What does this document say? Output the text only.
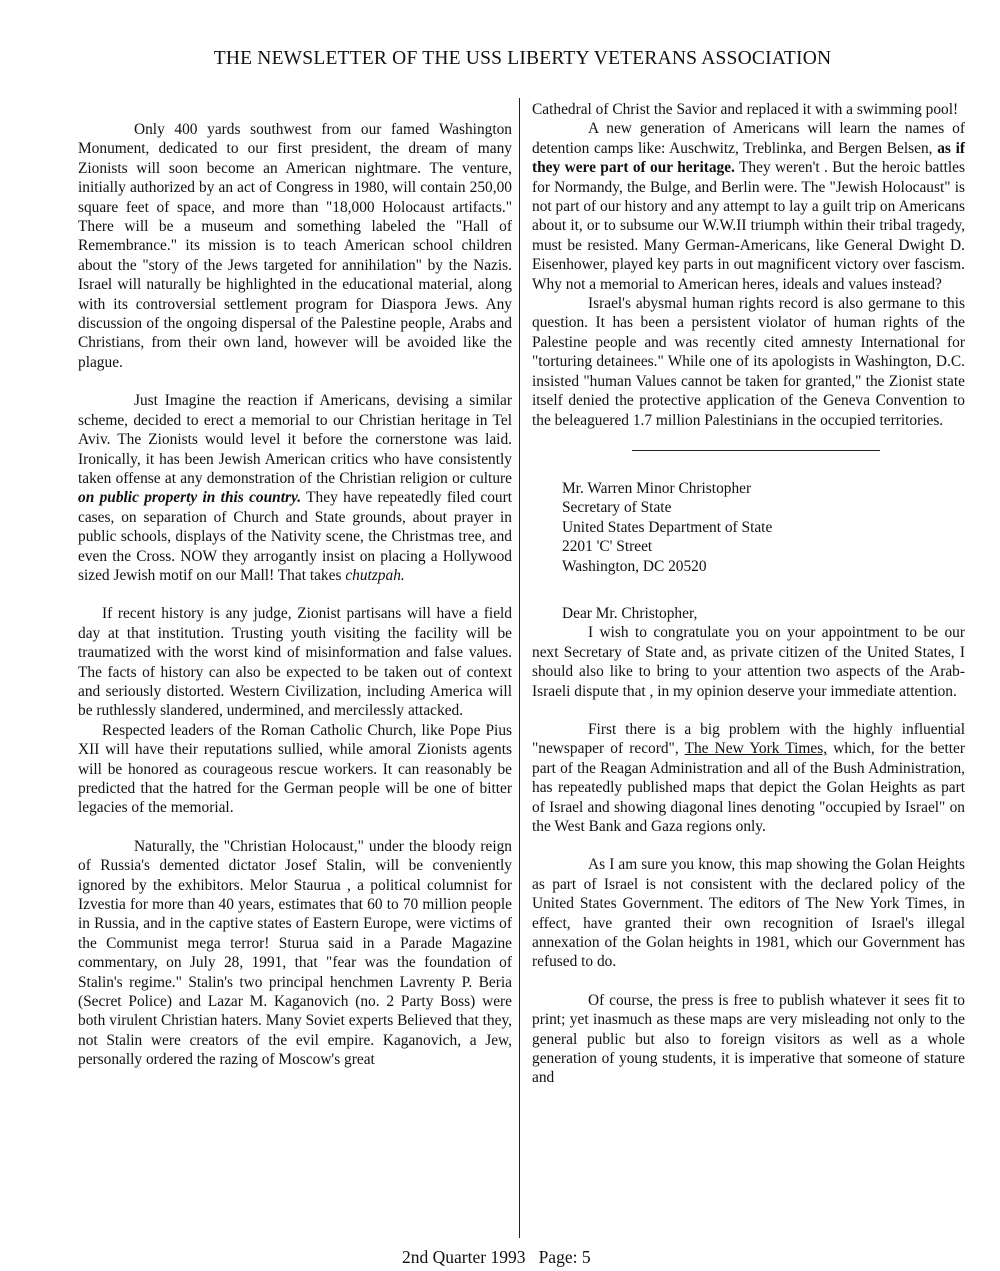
THE NEWSLETTER OF THE USS LIBERTY VETERANS ASSOCIATION

Only 400 yards southwest from our famed Washington Monument, dedicated to our first president, the dream of many Zionists will soon become an American nightmare. The venture, initially authorized by an act of Congress in 1980, will contain 250,00 square feet of space, and more than "18,000 Holocaust artifacts." There will be a museum and something labeled the "Hall of Remembrance." its mission is to teach American school children about the "story of the Jews targeted for annihilation" by the Nazis. Israel will naturally be highlighted in the educational material, along with its controversial settlement program for Diaspora Jews. Any discussion of the ongoing dispersal of the Palestine people, Arabs and Christians, from their own land, however will be avoided like the plague.

Just Imagine the reaction if Americans, devising a similar scheme, decided to erect a memorial to our Christian heritage in Tel Aviv. The Zionists would level it before the cornerstone was laid. Ironically, it has been Jewish American critics who have consistently taken offense at any demonstration of the Christian religion or culture on public property in this country. They have repeatedly filed court cases, on separation of Church and State grounds, about prayer in public schools, displays of the Nativity scene, the Christmas tree, and even the Cross. NOW they arrogantly insist on placing a Hollywood sized Jewish motif on our Mall! That takes chutzpah.

If recent history is any judge, Zionist partisans will have a field day at that institution. Trusting youth visiting the facility will be traumatized with the worst kind of misinformation and false values. The facts of history can also be expected to be taken out of context and seriously distorted. Western Civilization, including America will be ruthlessly slandered, undermined, and mercilessly attacked.

Respected leaders of the Roman Catholic Church, like Pope Pius XII will have their reputations sullied, while amoral Zionists agents will be honored as courageous rescue workers. It can reasonably be predicted that the hatred for the German people will be one of bitter legacies of the memorial.

Naturally, the "Christian Holocaust," under the bloody reign of Russia's demented dictator Josef Stalin, will be conveniently ignored by the exhibitors. Melor Staurua , a political columnist for Izvestia for more than 40 years, estimates that 60 to 70 million people in Russia, and in the captive states of Eastern Europe, were victims of the Communist mega terror! Sturua said in a Parade Magazine commentary, on July 28, 1991, that "fear was the foundation of Stalin's regime." Stalin's two principal henchmen Lavrenty P. Beria (Secret Police) and Lazar M. Kaganovich (no. 2 Party Boss) were both virulent Christian haters. Many Soviet experts Believed that they, not Stalin were creators of the evil empire. Kaganovich, a Jew, personally ordered the razing of Moscow's great

Cathedral of Christ the Savior and replaced it with a swimming pool!

A new generation of Americans will learn the names of detention camps like: Auschwitz, Treblinka, and Bergen Belsen, as if they were part of our heritage. They weren't . But the heroic battles for Normandy, the Bulge, and Berlin were. The "Jewish Holocaust" is not part of our history and any attempt to lay a guilt trip on Americans about it, or to subsume our W.W.II triumph within their tribal tragedy, must be resisted. Many German-Americans, like General Dwight D. Eisenhower, played key parts in out magnificent victory over fascism. Why not a memorial to American heres, ideals and values instead?

Israel's abysmal human rights record is also germane to this question. It has been a persistent violator of human rights of the Palestine people and was recently cited amnesty International for "torturing detainees." While one of its apologists in Washington, D.C. insisted "human Values cannot be taken for granted," the Zionist state itself denied the protective application of the Geneva Convention to the beleaguered 1.7 million Palestinians in the occupied territories.

Mr. Warren Minor Christopher
Secretary of State
United States Department of State
2201 'C' Street
Washington, DC 20520

Dear Mr. Christopher,

I wish to congratulate you on your appointment to be our next Secretary of State and, as private citizen of the United States, I should also like to bring to your attention two aspects of the Arab-Israeli dispute that , in my opinion deserve your immediate attention.

First there is a big problem with the highly influential "newspaper of record", The New York Times, which, for the better part of the Reagan Administration and all of the Bush Administration, has repeatedly published maps that depict the Golan Heights as part of Israel and showing diagonal lines denoting "occupied by Israel" on the West Bank and Gaza regions only.

As I am sure you know, this map showing the Golan Heights as part of Israel is not consistent with the declared policy of the United States Government. The editors of The New York Times, in effect, have granted their own recognition of Israel's illegal annexation of the Golan heights in 1981, which our Government has refused to do.

Of course, the press is free to publish whatever it sees fit to print; yet inasmuch as these maps are very misleading not only to the general public but also to foreign visitors as well as a whole generation of young students, it is imperative that someone of stature and

2nd Quarter 1993 Page: 5
